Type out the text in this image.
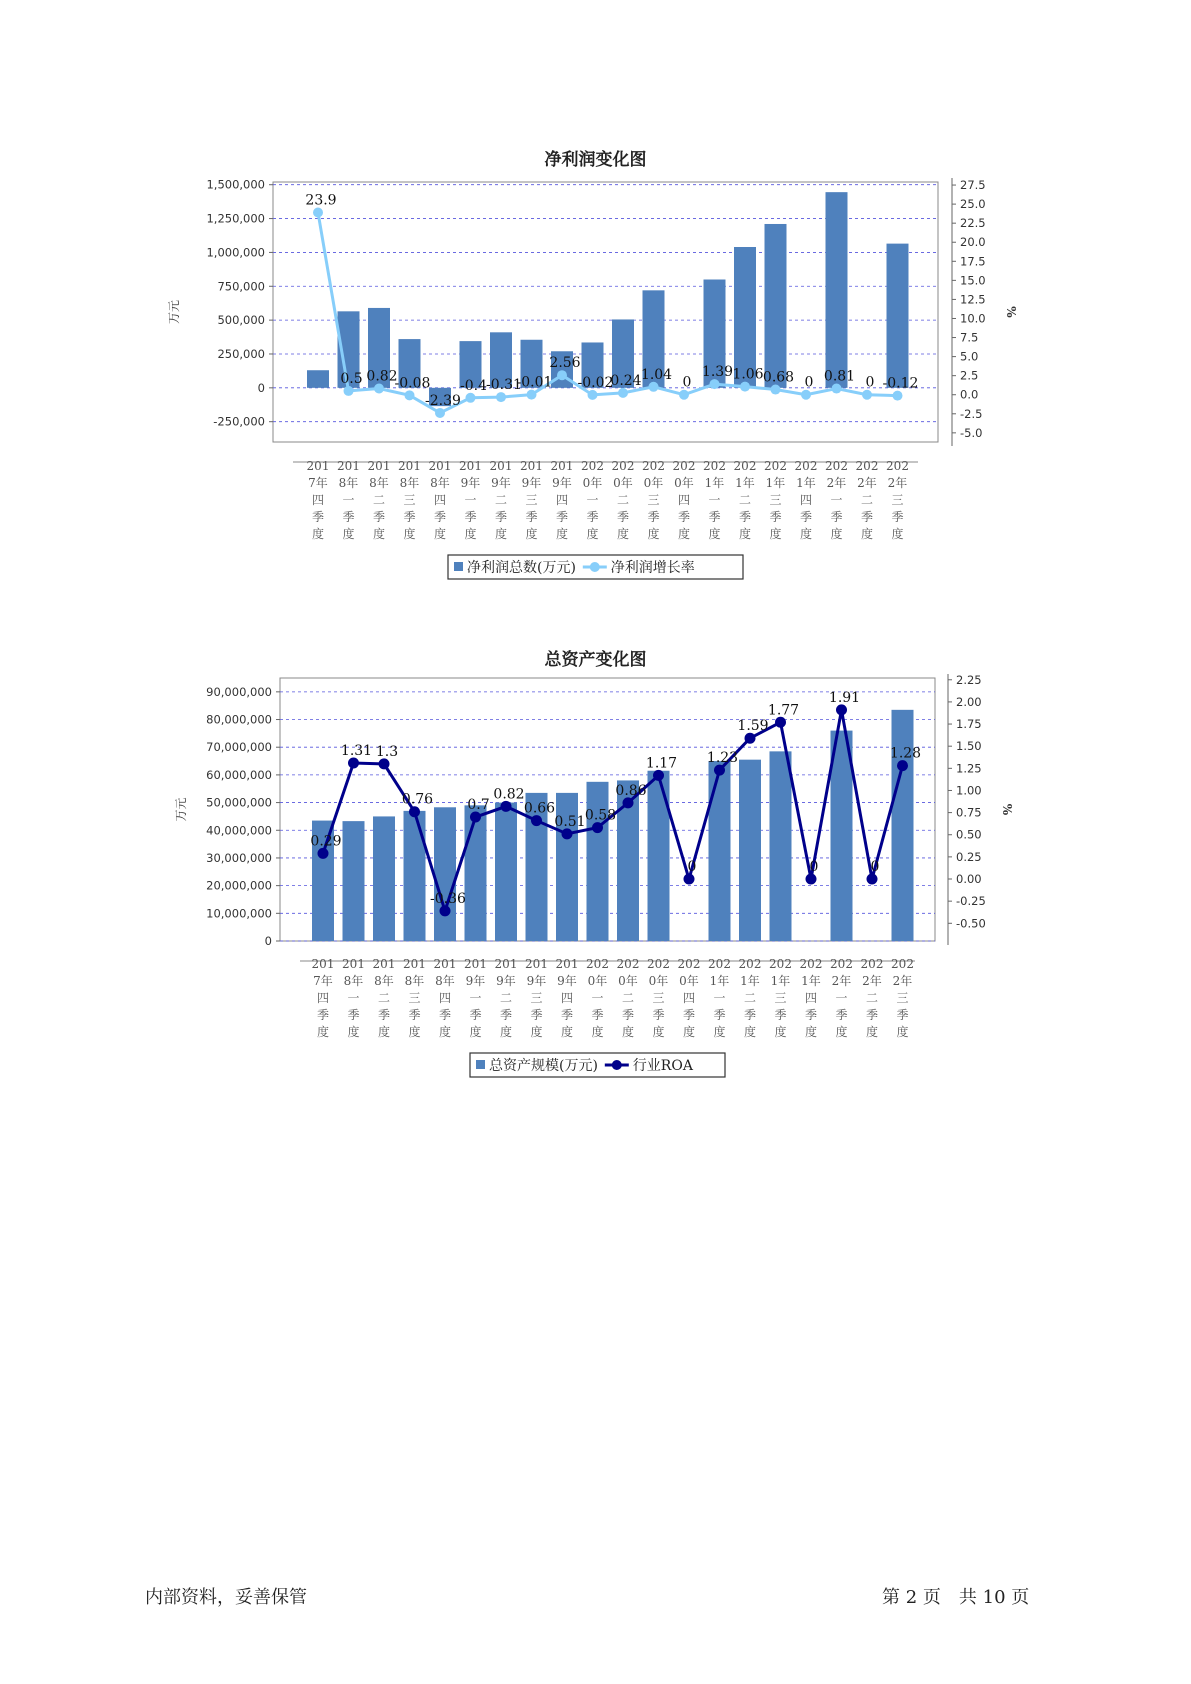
净利润变化图
1,500,000
1,250,000
1,000,000
750,000
500,000
250,000
0
-250,000
万元
27.5
25.0
22.5
20.0
17.5
15.0
12.5
10.0
7.5
5.0
2.5
0.0
-2.5
-5.0
%
201
7年
四
季
度
201
8年
一
季
度
201
8年
二
季
度
201
8年
三
季
度
201
8年
四
季
度
201
9年
一
季
度
201
9年
二
季
度
201
9年
三
季
度
201
9年
四
季
度
202
0年
一
季
度
202
0年
二
季
度
202
0年
三
季
度
202
0年
四
季
度
202
1年
一
季
度
202
1年
二
季
度
202
1年
三
季
度
202
1年
四
季
度
202
2年
一
季
度
202
2年
二
季
度
202
2年
三
季
度
23.9
0.5 0.82
-0.08
-2.39
-0.4 -0.31
-0.01
2.56
-0.02
0.24 1.04 0
1.39 1.06 0.68 0 0.81 0 -0.12
净利润总数(万元) 净利润增长率
总资产变化图
90,000,000
80,000,000
70,000,000
60,000,000
50,000,000
40,000,000
30,000,000
20,000,000
10,000,000
0
万元
2.25
2.00
1.75
1.50
1.25
1.00
0.75
0.50
0.25
0.00
-0.25
-0.50
%
201
7年
四
季
度
201
8年
一
季
度
201
8年
二
季
度
201
8年
三
季
度
201
8年
四
季
度
201
9年
一
季
度
201
9年
二
季
度
201
9年
三
季
度
201
9年
四
季
度
202
0年
一
季
度
202
0年
二
季
度
202
0年
三
季
度
202
0年
四
季
度
202
1年
一
季
度
202
1年
二
季
度
202
1年
三
季
度
202
1年
四
季
度
202
2年
一
季
度
202
2年
二
季
度
202
2年
三
季
度
0.29
1.31 1.3
0.76
-0.36
0.7
0.82
0.66
0.51 0.58
0.86
1.17
0
1.23
1.59
1.77
0
1.91
0
1.28
总资产规模(万元) 行业ROA
内部资料，妥善保管	第 2 页　共 10 页
